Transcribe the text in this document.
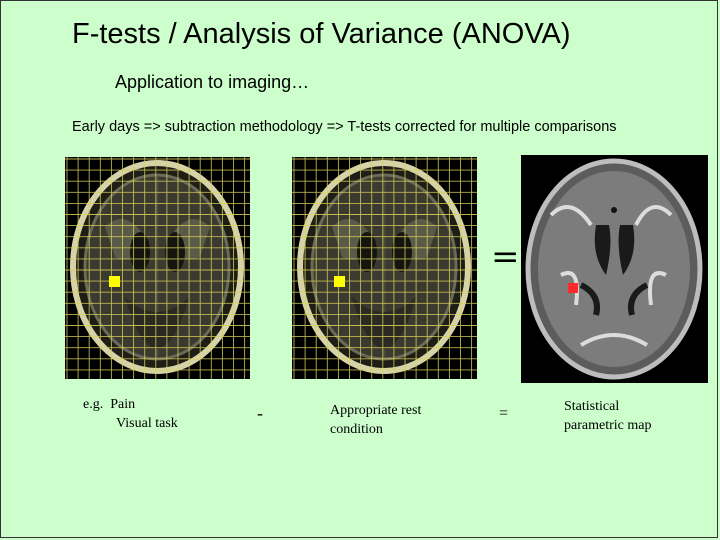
F-tests / Analysis of Variance (ANOVA)
Application to imaging…
Early days => subtraction methodology => T-tests corrected for multiple comparisons
=
e.g. Pain
Visual task
-	Appropriate rest
condition
=	Statistical
parametric map
